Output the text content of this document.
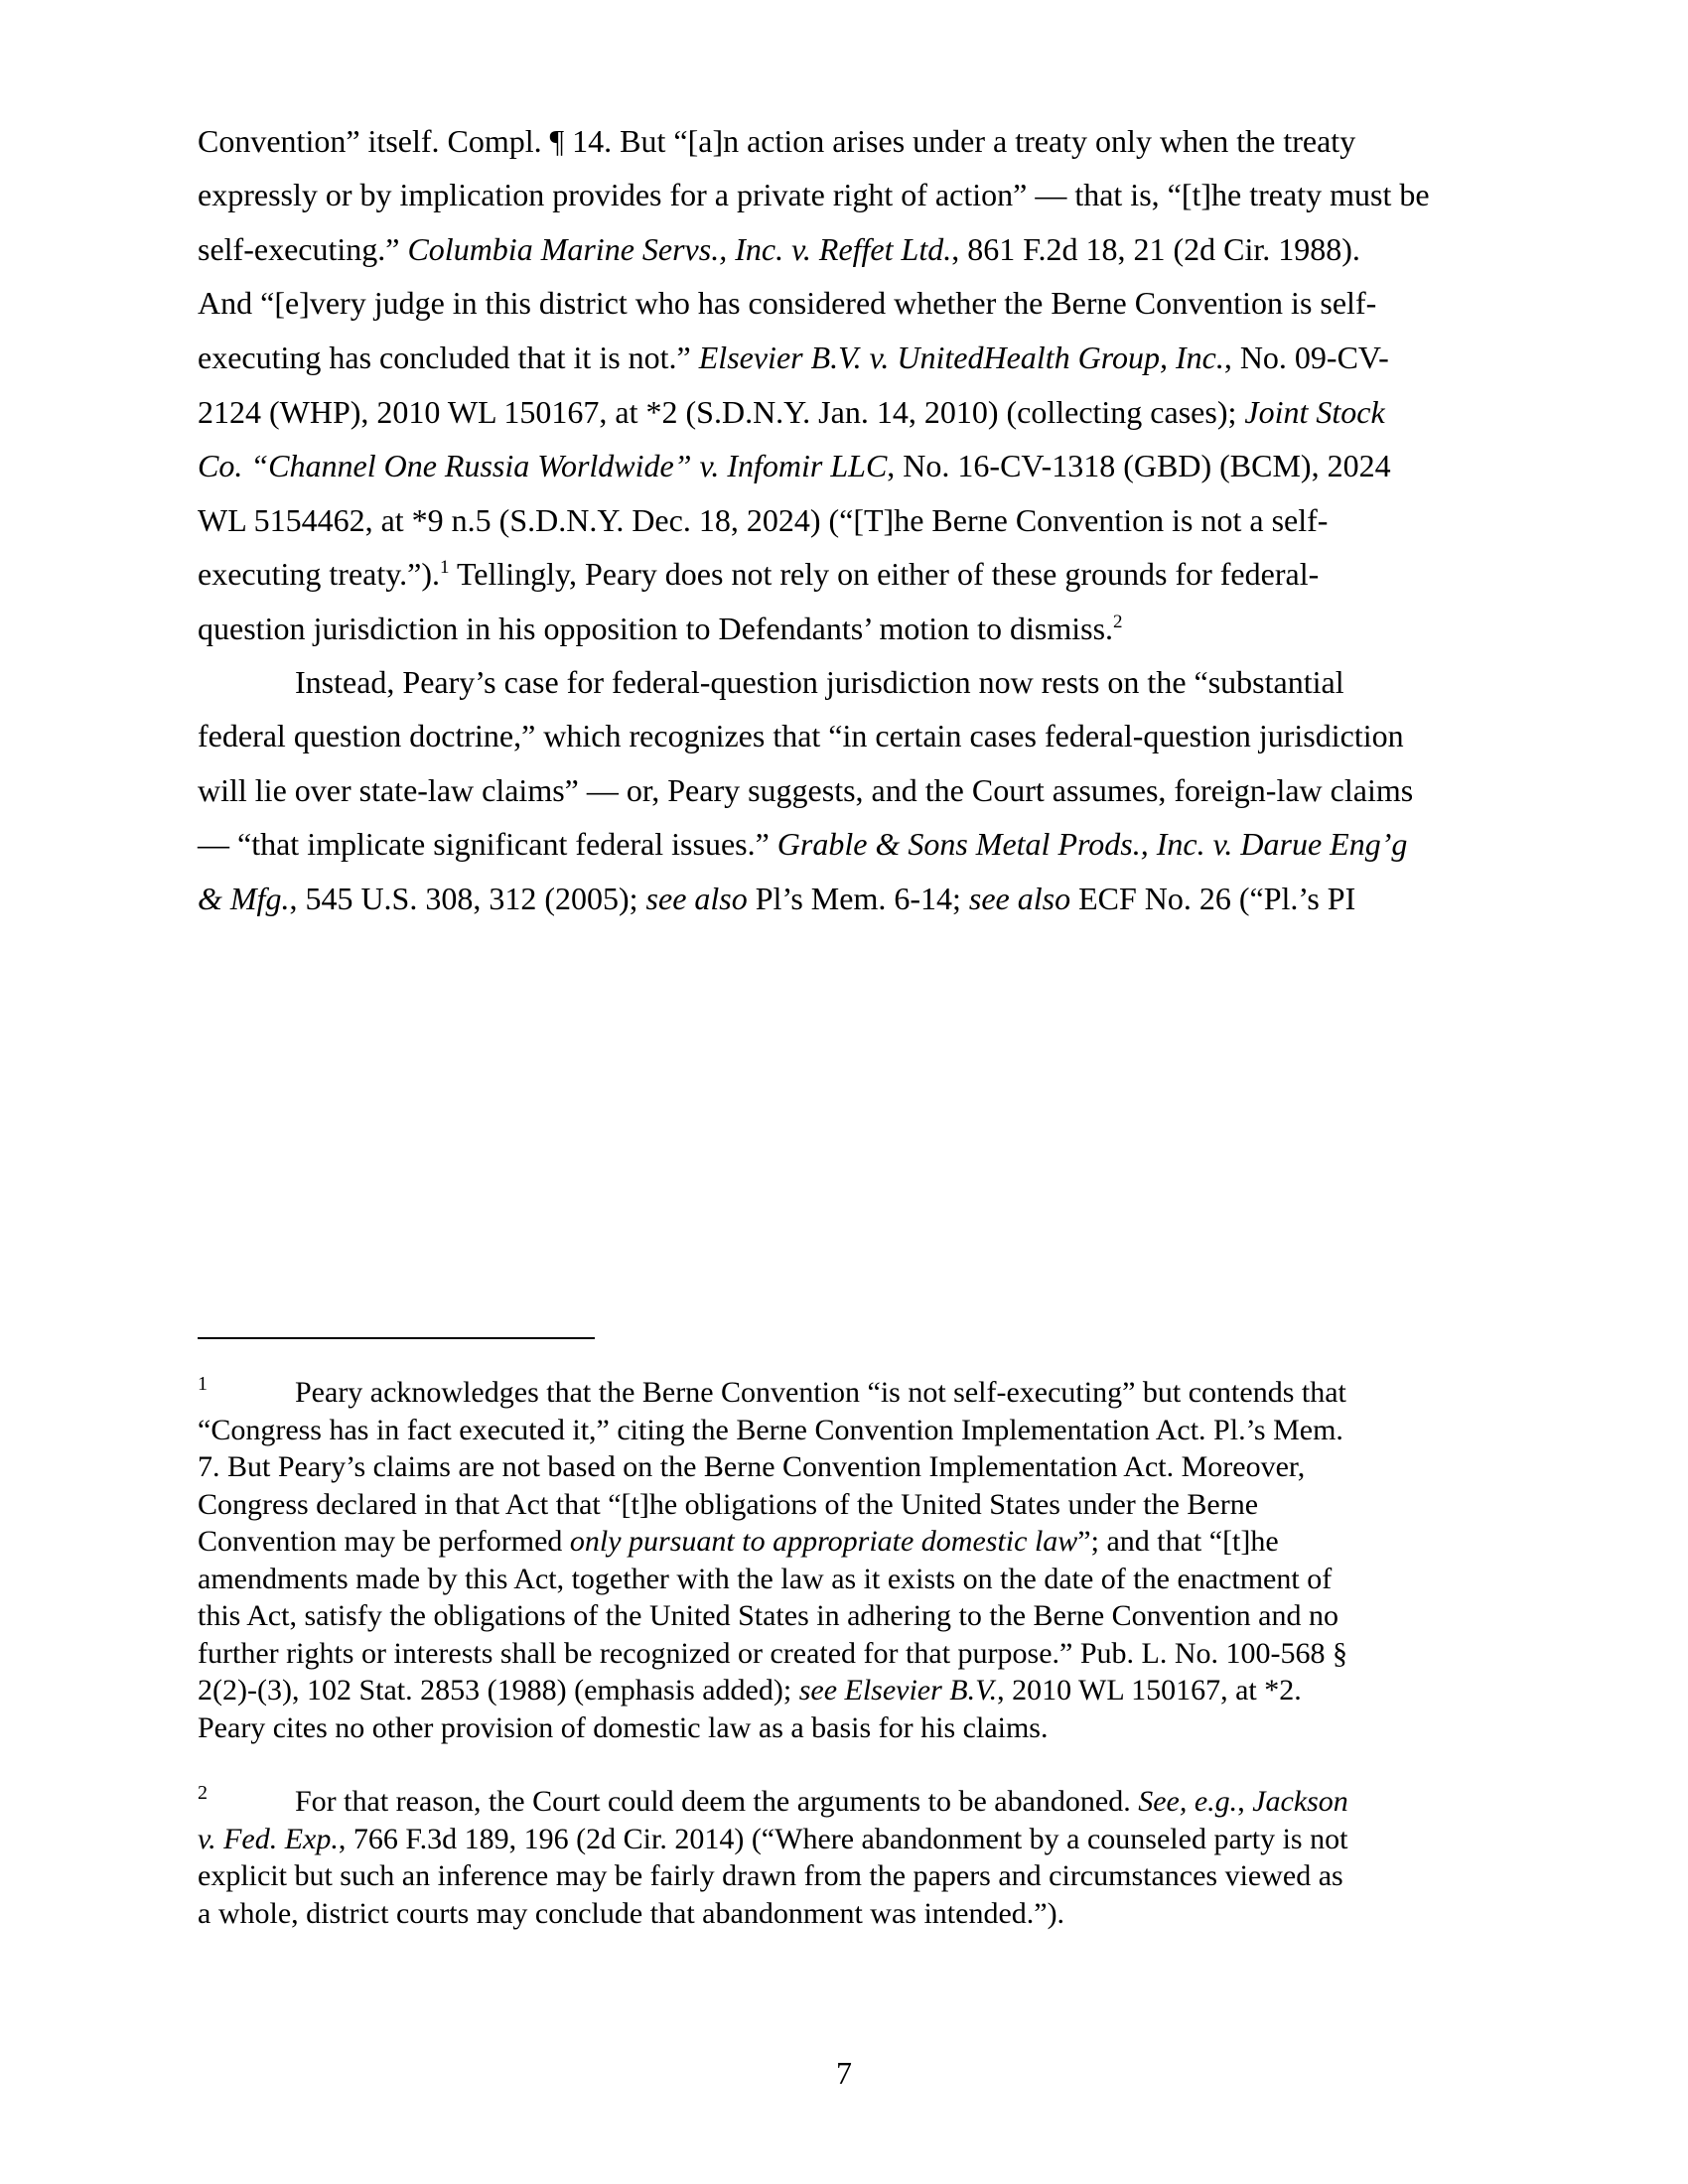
Convention” itself. Compl. ¶ 14. But “[a]n action arises under a treaty only when the treaty
expressly or by implication provides for a private right of action” — that is, “[t]he treaty must be
self-executing.” Columbia Marine Servs., Inc. v. Reffet Ltd., 861 F.2d 18, 21 (2d Cir. 1988).
And “[e]very judge in this district who has considered whether the Berne Convention is self-
executing has concluded that it is not.” Elsevier B.V. v. UnitedHealth Group, Inc., No. 09-CV-
2124 (WHP), 2010 WL 150167, at *2 (S.D.N.Y. Jan. 14, 2010) (collecting cases); Joint Stock
Co. “Channel One Russia Worldwide” v. Infomir LLC, No. 16-CV-1318 (GBD) (BCM), 2024
WL 5154462, at *9 n.5 (S.D.N.Y. Dec. 18, 2024) (“[T]he Berne Convention is not a self-
executing treaty.”).$^1$ Tellingly, Peary does not rely on either of these grounds for federal-
question jurisdiction in his opposition to Defendants’ motion to dismiss.$^2$
Instead, Peary’s case for federal-question jurisdiction now rests on the “substantial
federal question doctrine,” which recognizes that “in certain cases federal-question jurisdiction
will lie over state-law claims” — or, Peary suggests, and the Court assumes, foreign-law claims
— “that implicate significant federal issues.” Grable & Sons Metal Prods., Inc. v. Darue Eng’g
& Mfg., 545 U.S. 308, 312 (2005); see also Pl’s Mem. 6-14; see also ECF No. 26 (“Pl.’s PI
1	Peary acknowledges that the Berne Convention “is not self-executing” but contends that
“Congress has in fact executed it,” citing the Berne Convention Implementation Act. Pl.’s Mem.
7. But Peary’s claims are not based on the Berne Convention Implementation Act. Moreover,
Congress declared in that Act that “[t]he obligations of the United States under the Berne
Convention may be performed only pursuant to appropriate domestic law”; and that “[t]he
amendments made by this Act, together with the law as it exists on the date of the enactment of
this Act, satisfy the obligations of the United States in adhering to the Berne Convention and no
further rights or interests shall be recognized or created for that purpose.” Pub. L. No. 100-568 §
2(2)-(3), 102 Stat. 2853 (1988) (emphasis added); see Elsevier B.V., 2010 WL 150167, at *2.
Peary cites no other provision of domestic law as a basis for his claims.
2	For that reason, the Court could deem the arguments to be abandoned. See, e.g., Jackson
v. Fed. Exp., 766 F.3d 189, 196 (2d Cir. 2014) (“Where abandonment by a counseled party is not
explicit but such an inference may be fairly drawn from the papers and circumstances viewed as
a whole, district courts may conclude that abandonment was intended.”).
7
